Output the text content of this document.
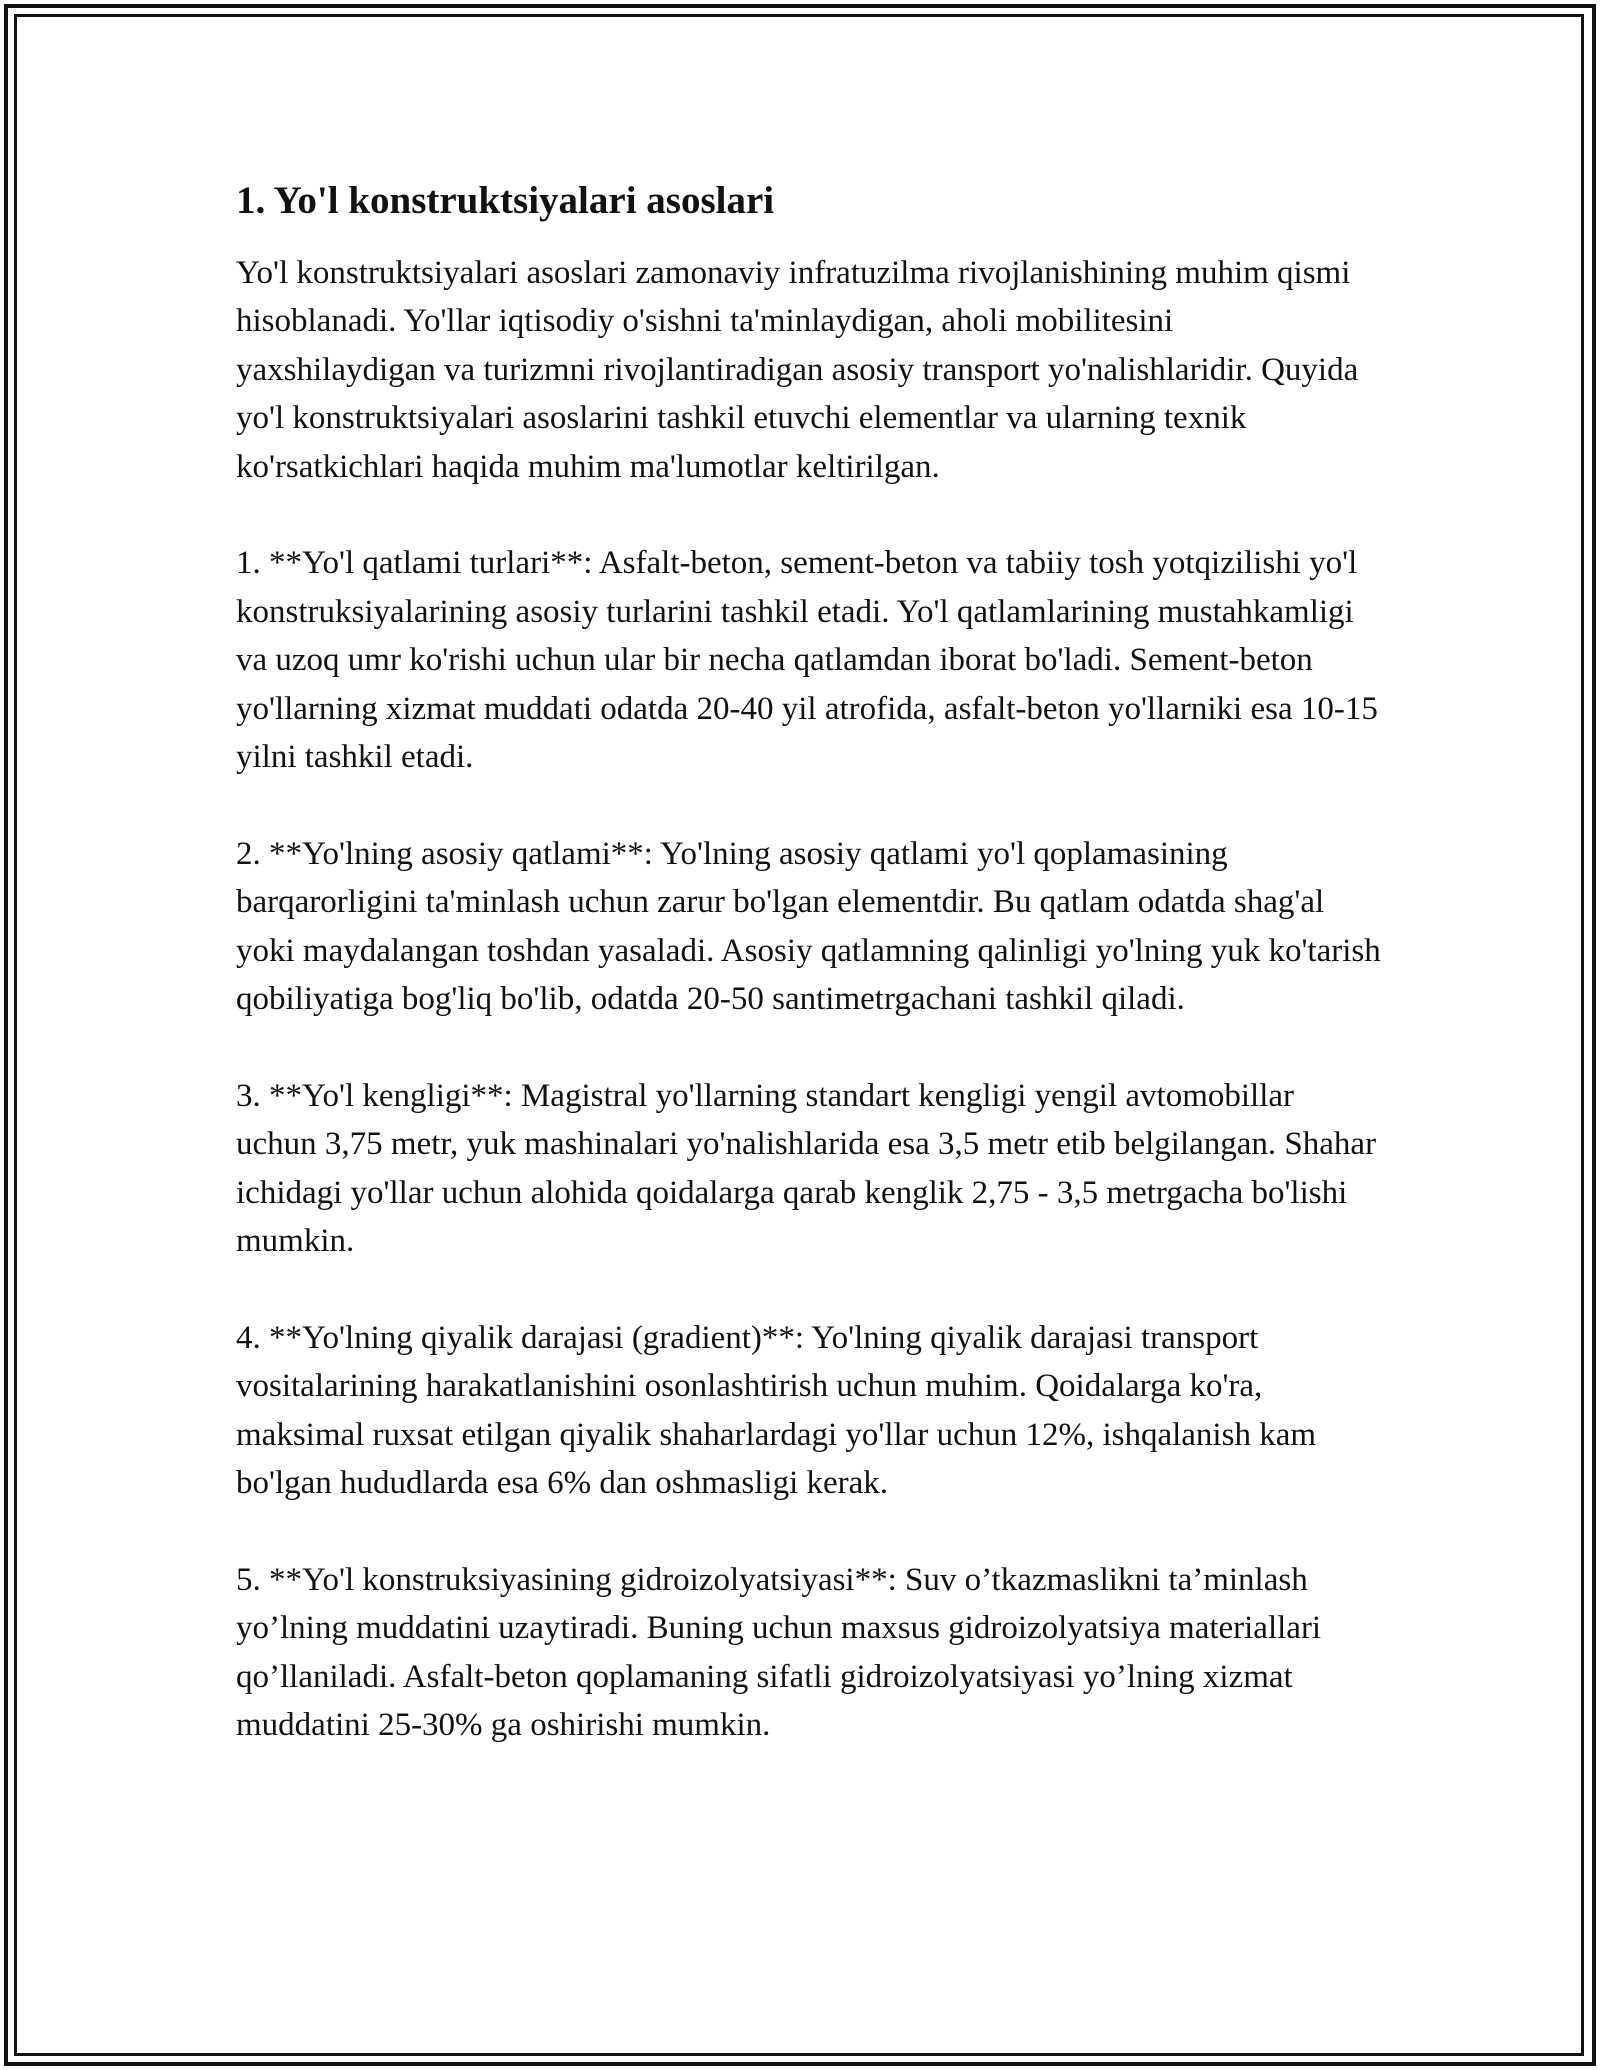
1. Yo'l konstruktsiyalari asoslari

Yo'l konstruktsiyalari asoslari zamonaviy infratuzilma rivojlanishining muhim qismi hisoblanadi. Yo'llar iqtisodiy o'sishni ta'minlaydigan, aholi mobilitesini yaxshilaydigan va turizmni rivojlantiradigan asosiy transport yo'nalishlaridir. Quyida yo'l konstruktsiyalari asoslarini tashkil etuvchi elementlar va ularning texnik ko'rsatkichlari haqida muhim ma'lumotlar keltirilgan.

1. **Yo'l qatlami turlari**: Asfalt-beton, sement-beton va tabiiy tosh yotqizilishi yo'l konstruksiyalarining asosiy turlarini tashkil etadi. Yo'l qatlamlarining mustahkamligi va uzoq umr ko'rishi uchun ular bir necha qatlamdan iborat bo'ladi. Sement-beton yo'llarning xizmat muddati odatda 20-40 yil atrofida, asfalt-beton yo'llarniki esa 10-15 yilni tashkil etadi.

2. **Yo'lning asosiy qatlami**: Yo'lning asosiy qatlami yo'l qoplamasining barqarorligini ta'minlash uchun zarur bo'lgan elementdir. Bu qatlam odatda shag'al yoki maydalangan toshdan yasaladi. Asosiy qatlamning qalinligi yo'lning yuk ko'tarish qobiliyatiga bog'liq bo'lib, odatda 20-50 santimetrgachani tashkil qiladi.

3. **Yo'l kengligi**: Magistral yo'llarning standart kengligi yengil avtomobillar uchun 3,75 metr, yuk mashinalari yo'nalishlarida esa 3,5 metr etib belgilangan. Shahar ichidagi yo'llar uchun alohida qoidalarga qarab kenglik 2,75 - 3,5 metrgacha bo'lishi mumkin.

4. **Yo'lning qiyalik darajasi (gradient)**: Yo'lning qiyalik darajasi transport vositalarining harakatlanishini osonlashtirish uchun muhim. Qoidalarga ko'ra, maksimal ruxsat etilgan qiyalik shaharlardagi yo'llar uchun 12%, ishqalanish kam bo'lgan hududlarda esa 6% dan oshmasligi kerak.

5. **Yo'l konstruksiyasining gidroizolyatsiyasi**: Suv o’tkazmaslikni ta’minlash yo’lning muddatini uzaytiradi. Buning uchun maxsus gidroizolyatsiya materiallari qo’llaniladi. Asfalt-beton qoplamaning sifatli gidroizolyatsiyasi yo’lning xizmat muddatini 25-30% ga oshirishi mumkin.
